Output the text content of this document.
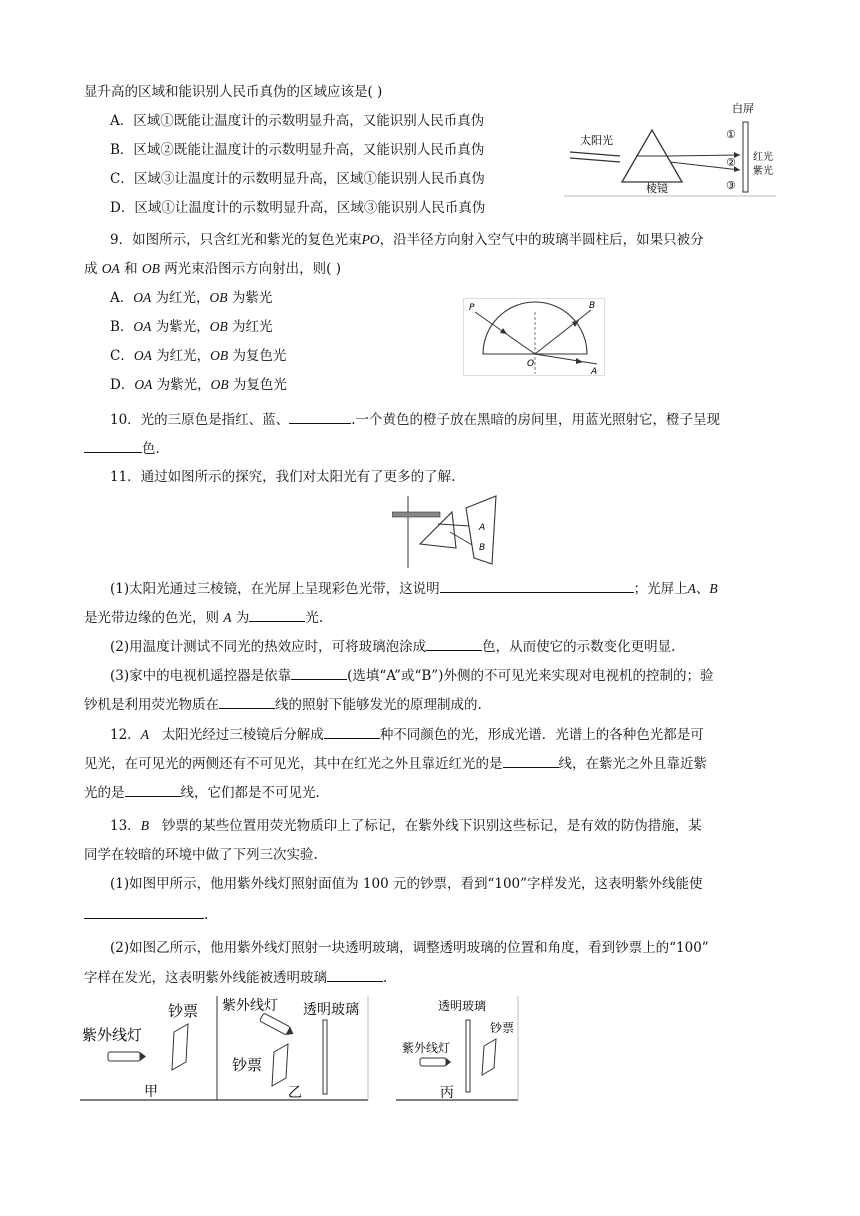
显升高的区域和能识别人民币真伪的区域应该是( )
A．区域①既能让温度计的示数明显升高，又能识别人民币真伪
B．区域②既能让温度计的示数明显升高，又能识别人民币真伪
C．区域③让温度计的示数明显升高，区域①能识别人民币真伪
D．区域①让温度计的示数明显升高，区域③能识别人民币真伪
太阳光
棱镜
白屏
①
②
③
红光
紫光
9．如图所示，只含红光和紫光的复色光束PO，沿半径方向射入空气中的玻璃半圆柱后，如果只被分
成 OA 和 OB 两光束沿图示方向射出，则( )
A．OA 为红光，OB 为紫光
B．OA 为紫光，OB 为红光
C．OA 为红光，OB 为复色光
D．OA 为紫光，OB 为复色光
P	B
O
A
10．光的三原色是指红、蓝、	.一个黄色的橙子放在黑暗的房间里，用蓝光照射它，橙子呈现
色.
11．通过如图所示的探究，我们对太阳光有了更多的了解.
A
B
(1)太阳光通过三棱镜，在光屏上呈现彩色光带，这说明	；光屏上A、B
是光带边缘的色光，则 A 为	光.
(2)用温度计测试不同光的热效应时，可将玻璃泡涂成	色，从而使它的示数变化更明显.
(3)家中的电视机遥控器是依靠	(选填“A”或“B”)外侧的不可见光来实现对电视机的控制的；验
钞机是利用荧光物质在	线的照射下能够发光的原理制成的.
12．A 太阳光经过三棱镜后分解成	种不同颜色的光，形成光谱．光谱上的各种色光都是可
见光，在可见光的两侧还有不可见光，其中在红光之外且靠近红光的是	线，在紫光之外且靠近紫
光的是	线，它们都是不可见光.
13．B 钞票的某些位置用荧光物质印上了标记，在紫外线下识别这些标记，是有效的防伪措施，某
同学在较暗的环境中做了下列三次实验.
(1)如图甲所示，他用紫外线灯照射面值为 100 元的钞票，看到“100”字样发光，这表明紫外线能使
.
(2)如图乙所示，他用紫外线灯照射一块透明玻璃，调整透明玻璃的位置和角度，看到钞票上的“100”
字样在发光，这表明紫外线能被透明玻璃	.
紫外线灯
钞票
甲
紫外线灯 透明玻璃
钞票
乙
透明玻璃
紫外线灯
钞票
丙
